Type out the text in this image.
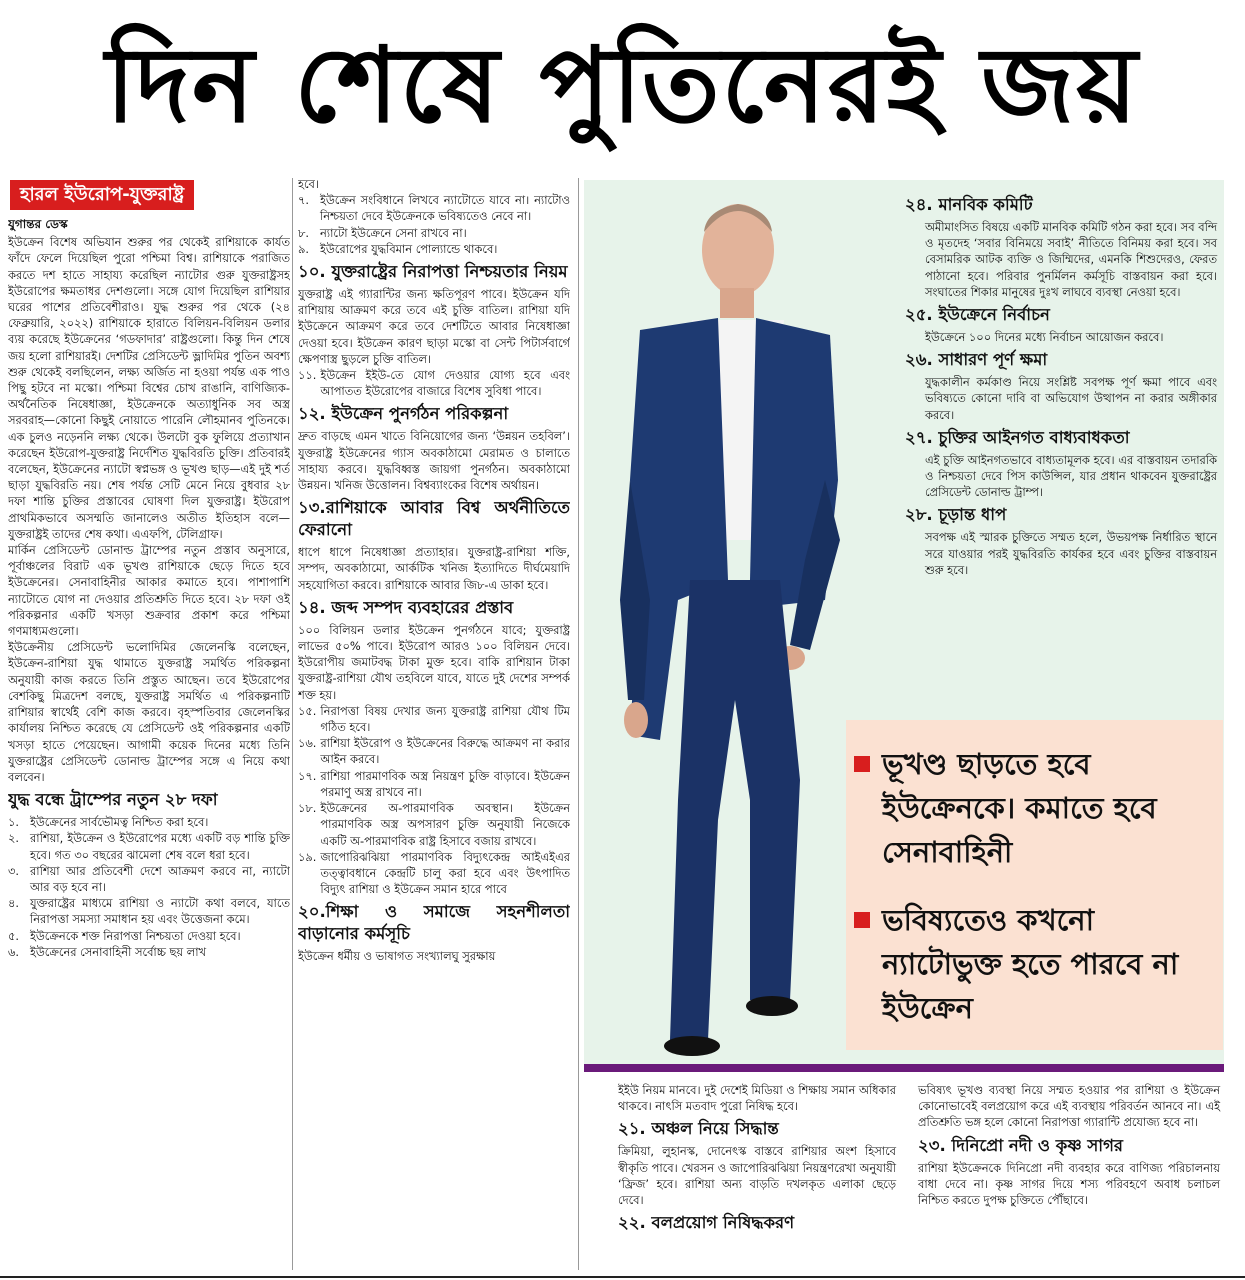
দিন শেষে পুতিনেরই জয়
হারল ইউরোপ-যুক্তরাষ্ট্র
যুগান্তর ডেস্ক

ইউক্রেন বিশেষ অভিযান শুরুর পর থেকেই রাশিয়াকে কার্যত ফাঁদে ফেলে দিয়েছিল পুরো পশ্চিমা বিশ্ব। রাশিয়াকে পরাজিত করতে দশ হাতে সাহায্য করেছিল ন্যাটোর গুরু যুক্তরাষ্ট্রসহ ইউরোপের ক্ষমতাধর দেশগুলো। সঙ্গে যোগ দিয়েছিল রাশিয়ার ঘরের পাশের প্রতিবেশীরাও। যুদ্ধ শুরুর পর থেকে (২৪ ফেব্রুয়ারি, ২০২২) রাশিয়াকে হারাতে বিলিয়ন-বিলিয়ন ডলার ব্যয় করেছে ইউক্রেনের ‘গডফাদার’ রাষ্ট্রগুলো। কিন্তু দিন শেষে জয় হলো রাশিয়ারই। দেশটির প্রেসিডেন্ট ভ্লাদিমির পুতিন অবশ্য শুরু থেকেই বলছিলেন, লক্ষ্য অর্জিত না হওয়া পর্যন্ত এক পাও পিছু হটবে না মস্কো। পশ্চিমা বিশ্বের চোখ রাঙানি, বাণিজ্যিক-অর্থনৈতিক নিষেধাজ্ঞা, ইউক্রেনকে অত্যাধুনিক সব অস্ত্র সরবরাহ—কোনো কিছুই নোয়াতে পারেনি লৌহমানব পুতিনকে। এক চুলও নড়েননি লক্ষ্য থেকে। উলটো বুক ফুলিয়ে প্রত্যাখান করেছেন ইউরোপ-যুক্তরাষ্ট্র নির্দেশিত যুদ্ধবিরতি চুক্তি। প্রতিবারই বলেছেন, ইউক্রেনের ন্যাটো স্বপ্নভঙ্গ ও ভূখণ্ড ছাড়—এই দুই শর্ত ছাড়া যুদ্ধবিরতি নয়। শেষ পর্যন্ত সেটি মেনে নিয়ে বুধবার ২৮ দফা শান্তি চুক্তির প্রস্তাবের ঘোষণা দিল যুক্তরাষ্ট্র। ইউরোপ প্রাথমিকভাবে অসম্মতি জানালেও অতীত ইতিহাস বলে—যুক্তরাষ্ট্রই তাদের শেষ কথা। এএফপি, টেলিগ্রাফ।

মার্কিন প্রেসিডেন্ট ডোনাল্ড ট্রাম্পের নতুন প্রস্তাব অনুসারে, পূর্বাঞ্চলের বিরাট এক ভূখণ্ড রাশিয়াকে ছেড়ে দিতে হবে ইউক্রেনের। সেনাবাহিনীর আকার কমাতে হবে। পাশাপাশি ন্যাটোতে যোগ না দেওয়ার প্রতিশ্রুতি দিতে হবে। ২৮ দফা ওই পরিকল্পনার একটি খসড়া শুক্রবার প্রকাশ করে পশ্চিমা গণমাধ্যমগুলো।

ইউক্রেনীয় প্রেসিডেন্ট ভলোদিমির জেলেনস্কি বলেছেন, ইউক্রেন-রাশিয়া যুদ্ধ থামাতে যুক্তরাষ্ট্র সমর্থিত পরিকল্পনা অনুযায়ী কাজ করতে তিনি প্রস্তুত আছেন। তবে ইউরোপের বেশকিছু মিত্রদেশ বলছে, যুক্তরাষ্ট্র সমর্থিত এ পরিকল্পনাটি রাশিয়ার স্বার্থেই বেশি কাজ করবে। বৃহস্পতিবার জেলেনস্কির কার্যালয় নিশ্চিত করেছে যে প্রেসিডেন্ট ওই পরিকল্পনার একটি খসড়া হাতে পেয়েছেন। আগামী কয়েক দিনের মধ্যে তিনি যুক্তরাষ্ট্রের প্রেসিডেন্ট ডোনাল্ড ট্রাম্পের সঙ্গে এ নিয়ে কথা বলবেন।

যুদ্ধ বন্ধে ট্রাম্পের নতুন ২৮ দফা
১. ইউক্রেনের সার্বভৌমত্ব নিশ্চিত করা হবে।
২. রাশিয়া, ইউক্রেন ও ইউরোপের মধ্যে একটি বড় শান্তি চুক্তি হবে। গত ৩০ বছরের ঝামেলা শেষ বলে ধরা হবে।
৩. রাশিয়া আর প্রতিবেশী দেশে আক্রমণ করবে না, ন্যাটো আর বড় হবে না।
৪. যুক্তরাষ্ট্রের মাধ্যমে রাশিয়া ও ন্যাটো কথা বলবে, যাতে নিরাপত্তা সমস্যা সমাধান হয় এবং উত্তেজনা কমে।
৫. ইউক্রেনকে শক্ত নিরাপত্তা নিশ্চয়তা দেওয়া হবে।
৬. ইউক্রেনের সেনাবাহিনী সর্বোচ্চ ছয় লাখ

হবে।

৭. ইউক্রেন সংবিধানে লিখবে ন্যাটোতে যাবে না। ন্যাটোও নিশ্চয়তা দেবে ইউক্রেনকে ভবিষ্যতেও নেবে না।
৮. ন্যাটো ইউক্রেনে সেনা রাখবে না।
৯. ইউরোপের যুদ্ধবিমান পোল্যান্ডে থাকবে।
১০. যুক্তরাষ্ট্রের নিরাপত্তা নিশ্চয়তার নিয়ম

যুক্তরাষ্ট্র এই গ্যারান্টির জন্য ক্ষতিপূরণ পাবে। ইউক্রেন যদি রাশিয়ায় আক্রমণ করে তবে এই চুক্তি বাতিল। রাশিয়া যদি ইউক্রেনে আক্রমণ করে তবে দেশটিতে আবার নিষেধাজ্ঞা দেওয়া হবে। ইউক্রেন কারণ ছাড়া মস্কো বা সেন্ট পিটার্সবার্গে ক্ষেপণাস্ত্র ছুড়লে চুক্তি বাতিল।

১১. ইউক্রেন ইইউ-তে যোগ দেওয়ার যোগ্য হবে এবং আপাতত ইউরোপের বাজারে বিশেষ সুবিধা পাবে।
১২. ইউক্রেন পুনর্গঠন পরিকল্পনা

দ্রুত বাড়ছে এমন খাতে বিনিয়োগের জন্য ‘উন্নয়ন তহবিল’। যুক্তরাষ্ট্র ইউক্রেনের গ্যাস অবকাঠামো মেরামত ও চালাতে সাহায্য করবে। যুদ্ধবিধ্বস্ত জায়গা পুনর্গঠন। অবকাঠামো উন্নয়ন। খনিজ উত্তোলন। বিশ্বব্যাংকের বিশেষ অর্থায়ন।

১৩.রাশিয়াকে আবার বিশ্ব অর্থনীতিতে ফেরানো

ধাপে ধাপে নিষেধাজ্ঞা প্রত্যাহার। যুক্তরাষ্ট্র-রাশিয়া শক্তি, সম্পদ, অবকাঠামো, আর্কটিক খনিজ ইত্যাদিতে দীর্ঘমেয়াদি সহযোগিতা করবে। রাশিয়াকে আবার জি৮-এ ডাকা হবে।

১৪. জব্দ সম্পদ ব্যবহারের প্রস্তাব

১০০ বিলিয়ন ডলার ইউক্রেন পুনর্গঠনে যাবে; যুক্তরাষ্ট্র লাভের ৫০% পাবে। ইউরোপ আরও ১০০ বিলিয়ন দেবে। ইউরোপীয় জমাটবদ্ধ টাকা মুক্ত হবে। বাকি রাশিয়ান টাকা যুক্তরাষ্ট্র-রাশিয়া যৌথ তহবিলে যাবে, যাতে দুই দেশের সম্পর্ক শক্ত হয়।

১৫. নিরাপত্তা বিষয় দেখার জন্য যুক্তরাষ্ট্র রাশিয়া যৌথ টিম গঠিত হবে।
১৬. রাশিয়া ইউরোপ ও ইউক্রেনের বিরুদ্ধে আক্রমণ না করার আইন করবে।
১৭. রাশিয়া পারমাণবিক অস্ত্র নিয়ন্ত্রণ চুক্তি বাড়াবে। ইউক্রেন পরমাণু অস্ত্র রাখবে না।
১৮. ইউক্রেনের অ-পারমাণবিক অবস্থান। ইউক্রেন পারমাণবিক অস্ত্র অপসারণ চুক্তি অনুযায়ী নিজেকে একটি অ-পারমাণবিক রাষ্ট্র হিসাবে বজায় রাখবে।
১৯. জাপোরিঝঝিয়া পারমাণবিক বিদ্যুৎকেন্দ্র আইএইএর তত্ত্বাবধানে কেন্দ্রটি চালু করা হবে এবং উৎপাদিত বিদ্যুৎ রাশিয়া ও ইউক্রেন সমান হারে পাবে
২০.শিক্ষা ও সমাজে সহনশীলতা বাড়ানোর কর্মসূচি

ইউক্রেন ধর্মীয় ও ভাষাগত সংখ্যালঘু সুরক্ষায়

২৪. মানবিক কমিটি

অমীমাংসিত বিষয়ে একটি মানবিক কমিটি গঠন করা হবে। সব বন্দি ও মৃতদেহ ‘সবার বিনিময়ে সবাই’ নীতিতে বিনিময় করা হবে। সব বেসামরিক আটক ব্যক্তি ও জিম্মিদের, এমনকি শিশুদেরও, ফেরত পাঠানো হবে। পরিবার পুনর্মিলন কর্মসূচি বাস্তবায়ন করা হবে। সংঘাতের শিকার মানুষের দুঃখ লাঘবে ব্যবস্থা নেওয়া হবে।

২৫. ইউক্রেনে নির্বাচন

ইউক্রেনে ১০০ দিনের মধ্যে নির্বাচন আয়োজন করবে।

২৬. সাধারণ পূর্ণ ক্ষমা

যুদ্ধকালীন কর্মকাণ্ড নিয়ে সংশ্লিষ্ট সবপক্ষ পূর্ণ ক্ষমা পাবে এবং ভবিষ্যতে কোনো দাবি বা অভিযোগ উত্থাপন না করার অঙ্গীকার করবে।

২৭. চুক্তির আইনগত বাধ্যবাধকতা

এই চুক্তি আইনগতভাবে বাধ্যতামূলক হবে। এর বাস্তবায়ন তদারকি ও নিশ্চয়তা দেবে পিস কাউন্সিল, যার প্রধান থাকবেন যুক্তরাষ্ট্রের প্রেসিডেন্ট ডোনাল্ড ট্রাম্প।

২৮. চূড়ান্ত ধাপ

সবপক্ষ এই স্মারক চুক্তিতে সম্মত হলে, উভয়পক্ষ নির্ধারিত স্থানে সরে যাওয়ার পরই যুদ্ধবিরতি কার্যকর হবে এবং চুক্তির বাস্তবায়ন শুরু হবে।

ভূখণ্ড ছাড়তে হবে ইউক্রেনকে। কমাতে হবে সেনাবাহিনী
ভবিষ্যতেও কখনো ন্যাটোভুক্ত হতে পারবে না ইউক্রেন

ইইউ নিয়ম মানবে। দুই দেশেই মিডিয়া ও শিক্ষায় সমান অধিকার থাকবে। নাৎসি মতবাদ পুরো নিষিদ্ধ হবে।

২১. অঞ্চল নিয়ে সিদ্ধান্ত

ক্রিমিয়া, লুহানস্ক, দোনেৎস্ক বাস্তবে রাশিয়ার অংশ হিসাবে স্বীকৃতি পাবে। খেরসন ও জাপোরিঝঝিয়া নিয়ন্ত্রণরেখা অনুযায়ী ‘ফ্রিজ’ হবে। রাশিয়া অন্য বাড়তি দখলকৃত এলাকা ছেড়ে দেবে।

২২. বলপ্রয়োগ নিষিদ্ধকরণ

ভবিষ্যৎ ভূখণ্ড ব্যবস্থা নিয়ে সম্মত হওয়ার পর রাশিয়া ও ইউক্রেন কোনোভাবেই বলপ্রয়োগ করে এই ব্যবস্থায় পরিবর্তন আনবে না। এই প্রতিশ্রুতি ভঙ্গ হলে কোনো নিরাপত্তা গ্যারান্টি প্রযোজ্য হবে না।

২৩. দিনিপ্রো নদী ও কৃষ্ণ সাগর

রাশিয়া ইউক্রেনকে দিনিপ্রো নদী ব্যবহার করে বাণিজ্য পরিচালনায় বাধা দেবে না। কৃষ্ণ সাগর দিয়ে শস্য পরিবহণে অবাধ চলাচল নিশ্চিত করতে দুপক্ষ চুক্তিতে পৌঁছাবে।
